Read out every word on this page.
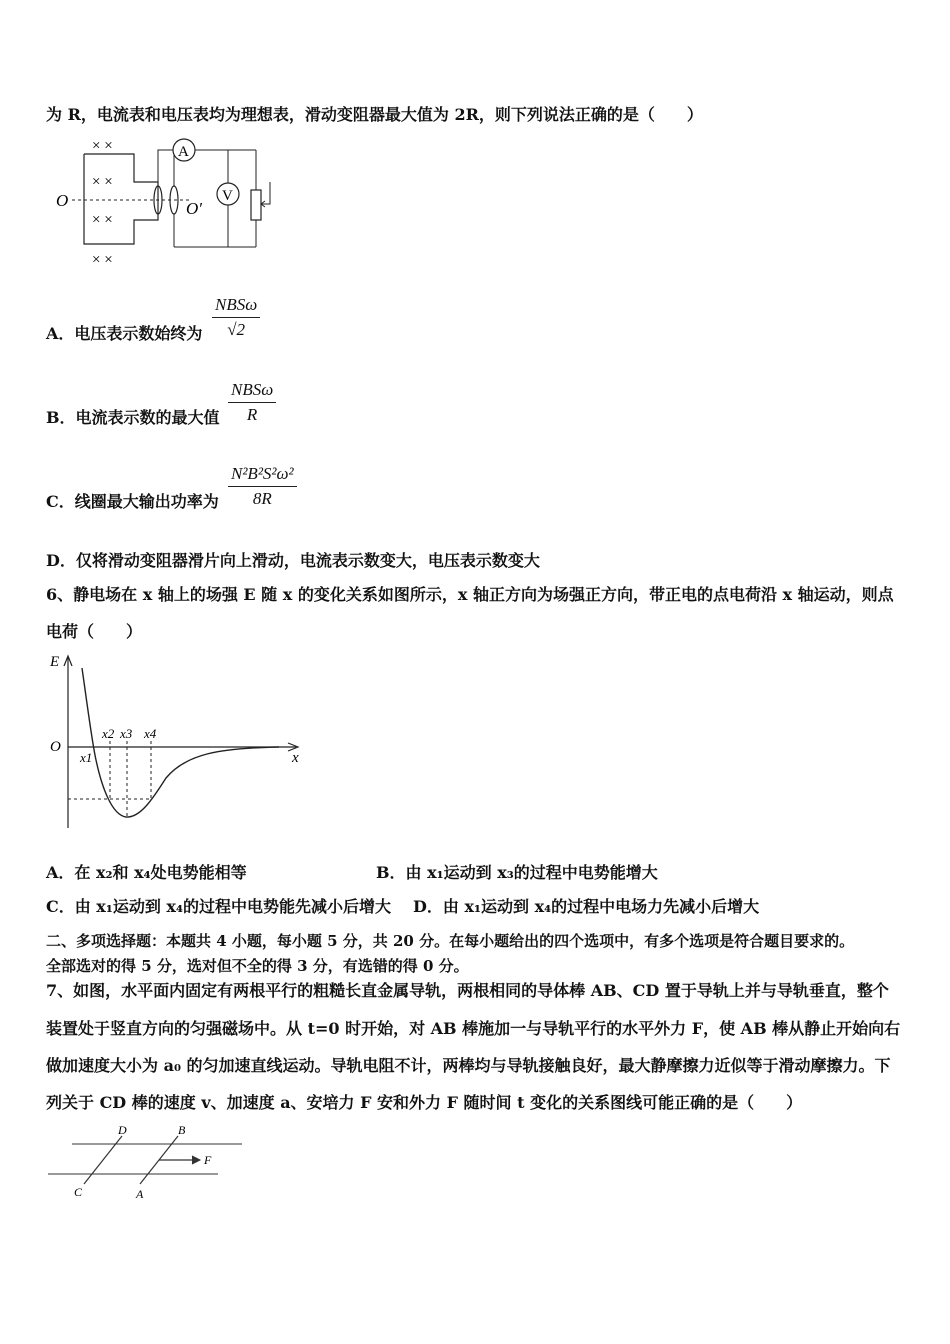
为 R，电流表和电压表均为理想表，滑动变阻器最大值为 2R，则下列说法正确的是（　　）
× ×
× ×
× ×
× ×
O	O′
A
V
A．电压表示数始终为
NBSω
√2
B．电流表示数的最大值
NBSω
R
C．线圈最大输出功率为 $\frac{\text{N²B²S²ω²}}{8R}$
D．仅将滑动变阻器滑片向上滑动，电流表示数变大，电压表示数变大
6、静电场在 x 轴上的场强 E 随 x 的变化关系如图所示，x 轴正方向为场强正方向，带正电的点电荷沿 x 轴运动，则点
电荷（　　）
E
O
x
x1
x2 x3 x4
A．在 x₂和 x₄处电势能相等	B．由 x₁运动到 x₃的过程中电势能增大
C．由 x₁运动到 x₄的过程中电势能先减小后增大 D．由 x₁运动到 x₄的过程中电场力先减小后增大
二、多项选择题：本题共 4 小题，每小题 5 分，共 20 分。在每小题给出的四个选项中，有多个选项是符合题目要求的。
全部选对的得 5 分，选对但不全的得 3 分，有选错的得 0 分。
7、如图，水平面内固定有两根平行的粗糙长直金属导轨，两根相同的导体棒 AB、CD 置于导轨上并与导轨垂直，整个
装置处于竖直方向的匀强磁场中。从 t=0 时开始，对 AB 棒施加一与导轨平行的水平外力 F，使 AB 棒从静止开始向右
做加速度大小为 a₀ 的匀加速直线运动。导轨电阻不计，两棒均与导轨接触良好，最大静摩擦力近似等于滑动摩擦力。下
列关于 CD 棒的速度 v、加速度 a、安培力 F 安和外力 F 随时间 t 变化的关系图线可能正确的是（　　）
D	B
C	A
F
